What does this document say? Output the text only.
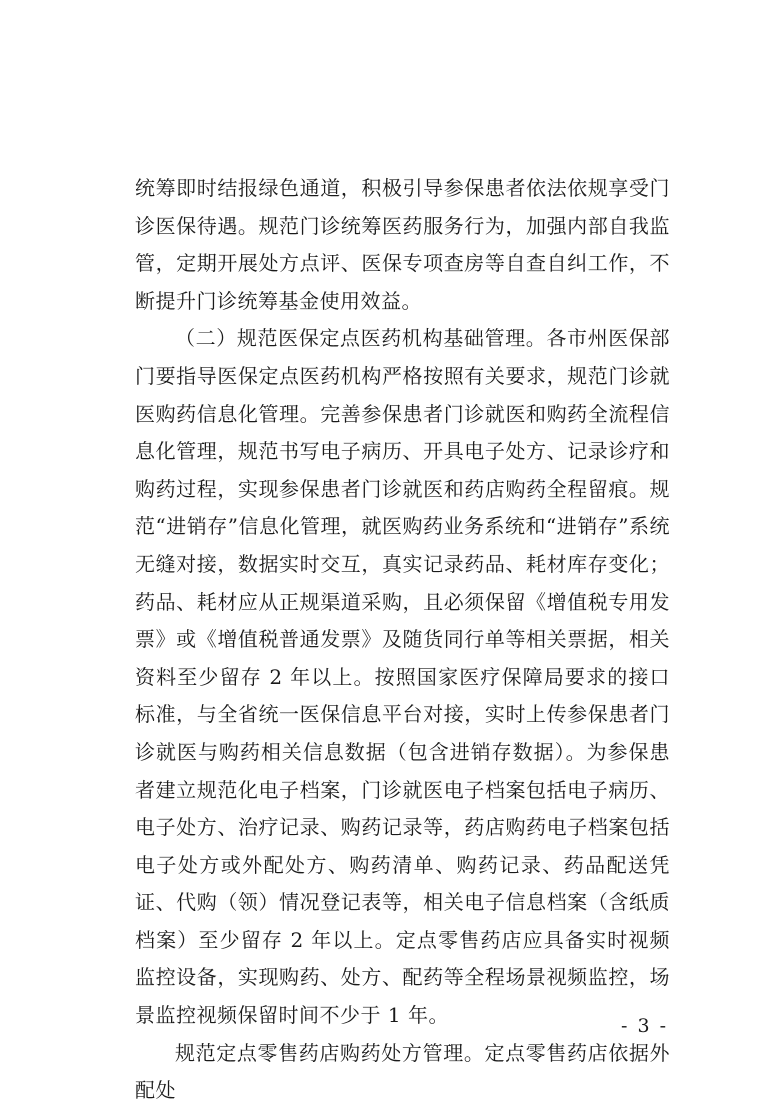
统筹即时结报绿色通道，积极引导参保患者依法依规享受门诊医保待遇。规范门诊统筹医药服务行为，加强内部自我监管，定期开展处方点评、医保专项查房等自查自纠工作，不断提升门诊统筹基金使用效益。

（二）规范医保定点医药机构基础管理。各市州医保部门要指导医保定点医药机构严格按照有关要求，规范门诊就医购药信息化管理。完善参保患者门诊就医和购药全流程信息化管理，规范书写电子病历、开具电子处方、记录诊疗和购药过程，实现参保患者门诊就医和药店购药全程留痕。规范“进销存”信息化管理，就医购药业务系统和“进销存”系统无缝对接，数据实时交互，真实记录药品、耗材库存变化；药品、耗材应从正规渠道采购，且必须保留《增值税专用发票》或《增值税普通发票》及随货同行单等相关票据，相关资料至少留存 2 年以上。按照国家医疗保障局要求的接口标准，与全省统一医保信息平台对接，实时上传参保患者门诊就医与购药相关信息数据（包含进销存数据）。为参保患者建立规范化电子档案，门诊就医电子档案包括电子病历、电子处方、治疗记录、购药记录等，药店购药电子档案包括电子处方或外配处方、购药清单、购药记录、药品配送凭证、代购（领）情况登记表等，相关电子信息档案（含纸质档案）至少留存 2 年以上。定点零售药店应具备实时视频监控设备，实现购药、处方、配药等全程场景视频监控，场景监控视频保留时间不少于 1 年。

规范定点零售药店购药处方管理。定点零售药店依据外配处

- 3 -
